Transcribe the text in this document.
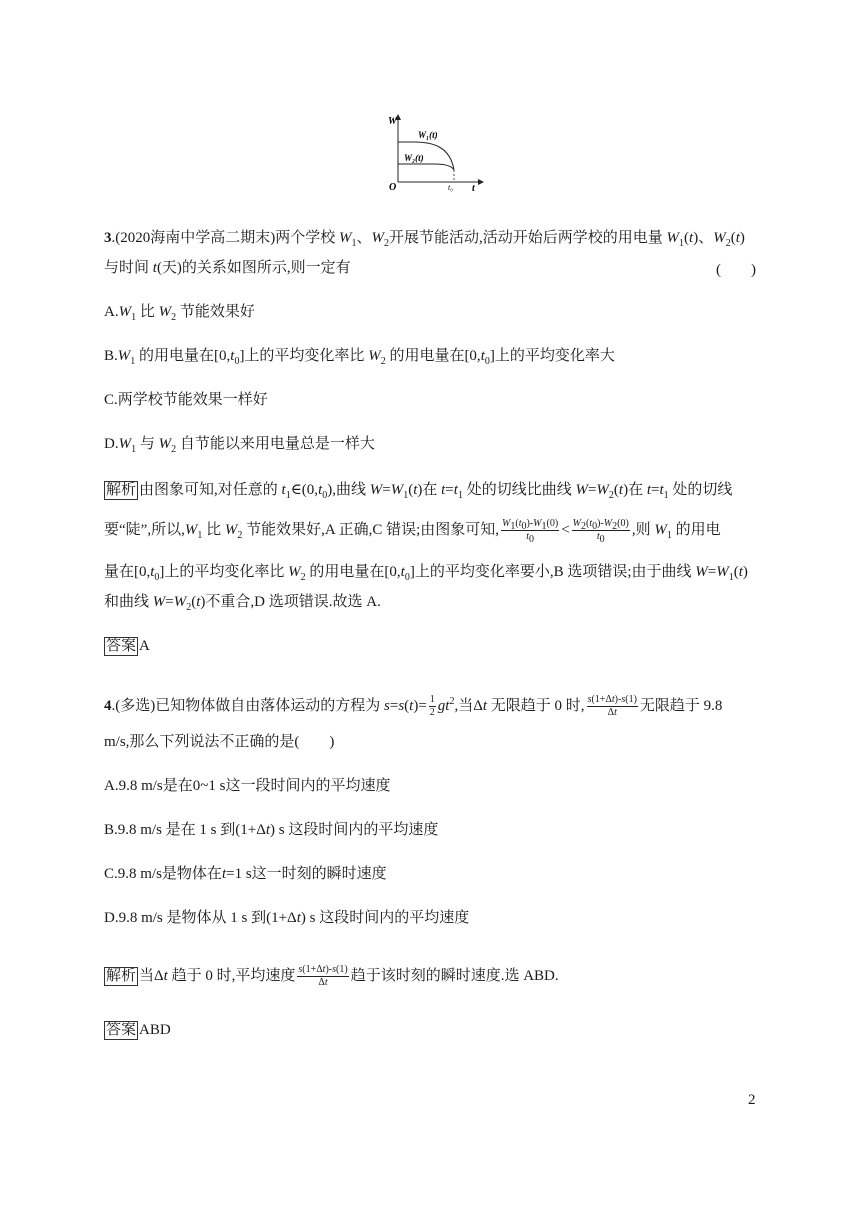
W
t
O
W₁(t)
W₂(t)
t₀
3.(2020海南中学高二期末)两个学校 $W_1$、$W_2$开展节能活动,活动开始后两学校的用电量 $W_1(t)$、$W_2(t)$
与时间 t(天)的关系如图所示,则一定有	(　　)
$A.W_1$ 比 $W_2$ 节能效果好
$B.W_1$ 的用电量在$[0,t_0]$上的平均变化率比 $W_2$ 的用电量在$[0,t_0]$上的平均变化率大
C.两学校节能效果一样好
$D.W_1$ 与 $W_2$ 自节能以来用电量总是一样大
解析 由图象可知,对任意的 $t_1\in(0,t_0)$,曲线 $W=W_1(t)$在 $t=t_1$ 处的切线比曲线 $W=W_2(t)$在 $t=t_1$ 处的切线
要“陡”,所以$,W_1$ 比 $W_2$ 节能效果好,A 正确,C 错误;由图象可知, $\frac{W_1(t_0)-W_1(0)}{t_0} < \frac{W_2(t_0)-W_2(0)}{t_0}$ ,则 $W_1$ 的用电
量在$[0,t_0]$上的平均变化率比 $W_2$ 的用电量在$[0,t_0]$上的平均变化率要小,B 选项错误;由于曲线 $W=W_1(t)$
和曲线 $W=W_2(t)$不重合,D 选项错误.故选 A.
答案 A
4.(多选)已知物体做自由落体运动的方程为 $s=s(t)= \frac{1}{2} gt^2$,当Δt 无限趋于 0 时, $\frac{s(1+\Delta t)-s(1)}{\Delta t}$ 无限趋于 9.8
m/s,那么下列说法不正确的是(　　)
A.9.8 m/s是在0~1 s这一段时间内的平均速度
B.9.8 m/s 是在 1 s 到(1+Δt) s 这段时间内的平均速度
C.9.8 m/s是物体在t=1 s这一时刻的瞬时速度
D.9.8 m/s 是物体从 1 s 到(1+Δt) s 这段时间内的平均速度
解析 当Δt 趋于 0 时,平均速度 $\frac{s(1+\Delta t)-s(1)}{\Delta t}$ 趋于该时刻的瞬时速度.选 ABD.
答案 ABD
2
